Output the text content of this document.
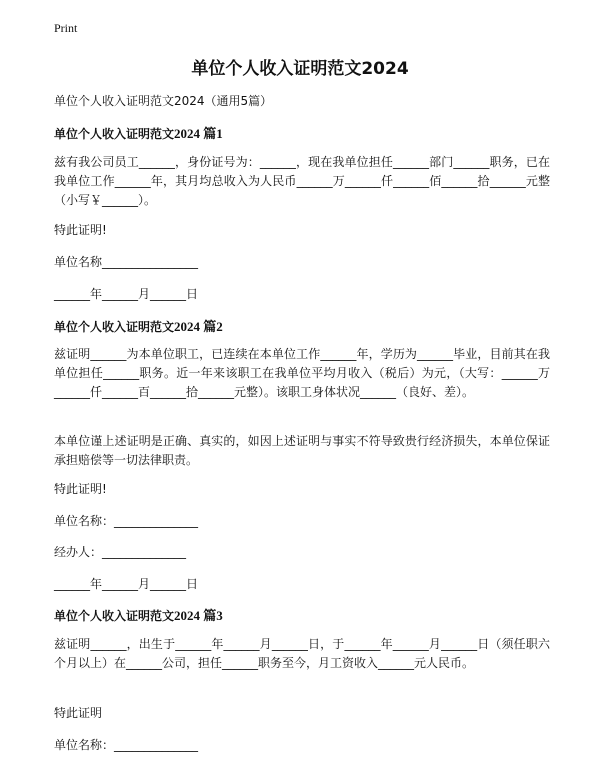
Print
单位个人收入证明范文2024

单位个人收入证明范文2024（通用5篇）

单位个人收入证明范文2024 篇1

兹有我公司员工______，身份证号为：______，现在我单位担任______部门______职务，已在我单位工作______年，其月均总收入为人民币______万______仟______佰______拾______元整（小写￥______）。

特此证明!

单位名称________________

______年______月______日

单位个人收入证明范文2024 篇2

兹证明______为本单位职工，已连续在本单位工作______年，学历为______毕业，目前其在我单位担任______职务。近一年来该职工在我单位平均月收入（税后）为元，（大写：______万______仟______百______拾______元整）。该职工身体状况______（良好、差）。

本单位谨上述证明是正确、真实的，如因上述证明与事实不符导致贵行经济损失，本单位保证承担赔偿等一切法律职责。

特此证明!

单位名称：______________

经办人：______________

______年______月______日

单位个人收入证明范文2024 篇3

兹证明______，出生于______年______月______日，于______年______月______日（须任职六个月以上）在______公司，担任______职务至今，月工资收入______元人民币。

特此证明

单位名称：______________
